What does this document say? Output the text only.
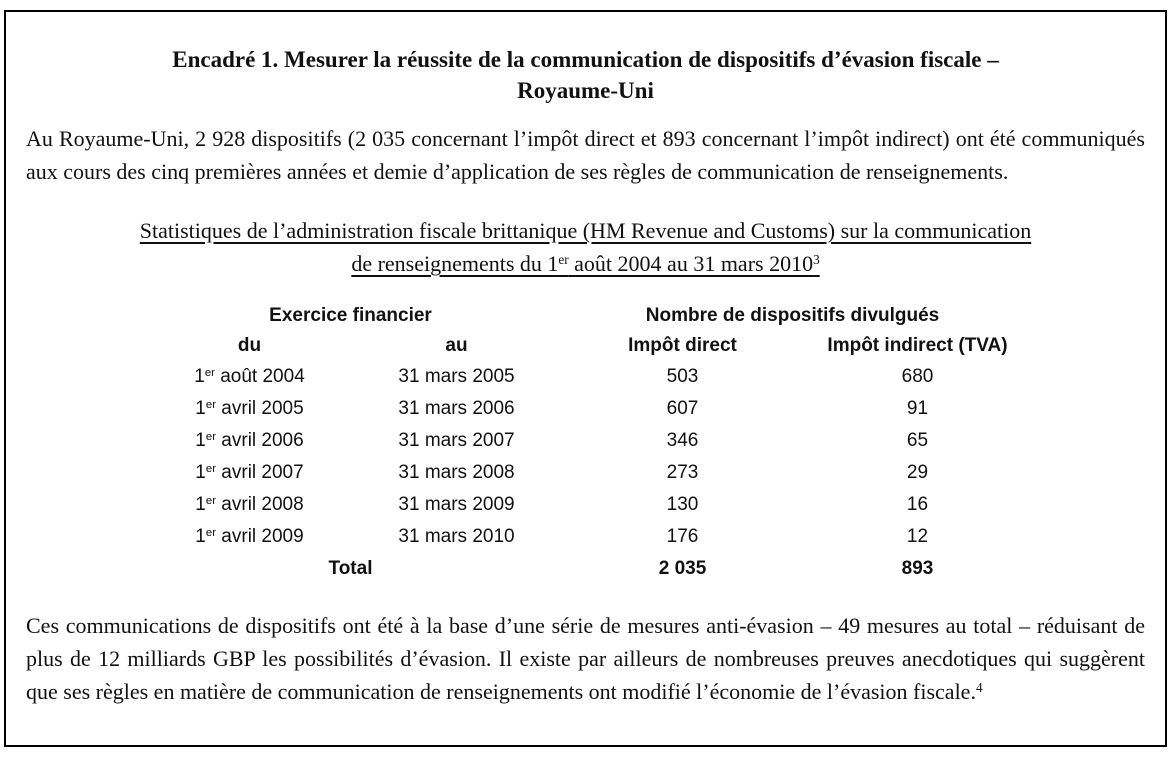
Encadré 1. Mesurer la réussite de la communication de dispositifs d’évasion fiscale –
Royaume-Uni

Au Royaume-Uni, 2 928 dispositifs (2 035 concernant l’impôt direct et 893 concernant l’impôt indirect) ont été communiqués aux cours des cinq premières années et demie d’application de ses règles de communication de renseignements.

Statistiques de l’administration fiscale brittanique (HM Revenue and Customs) sur la communication
de renseignements du 1er août 2004 au 31 mars 2010$^3$
Exercice financier		Nombre de dispositifs divulgués	
du	au	Impôt direct	Impôt indirect (TVA)
1er août 2004	31 mars 2005	503	680
1er avril 2005	31 mars 2006	607	91
1er avril 2006	31 mars 2007	346	65
1er avril 2007	31 mars 2008	273	29
1er avril 2008	31 mars 2009	130	16
1er avril 2009	31 mars 2010	176	12
Total		2 035	893

Ces communications de dispositifs ont été à la base d’une série de mesures anti-évasion – 49 mesures au total – réduisant de plus de 12 milliards GBP les possibilités d’évasion. Il existe par ailleurs de nombreuses preuves anecdotiques qui suggèrent que ses règles en matière de communication de renseignements ont modifié l’économie de l’évasion fiscale.$^4$
